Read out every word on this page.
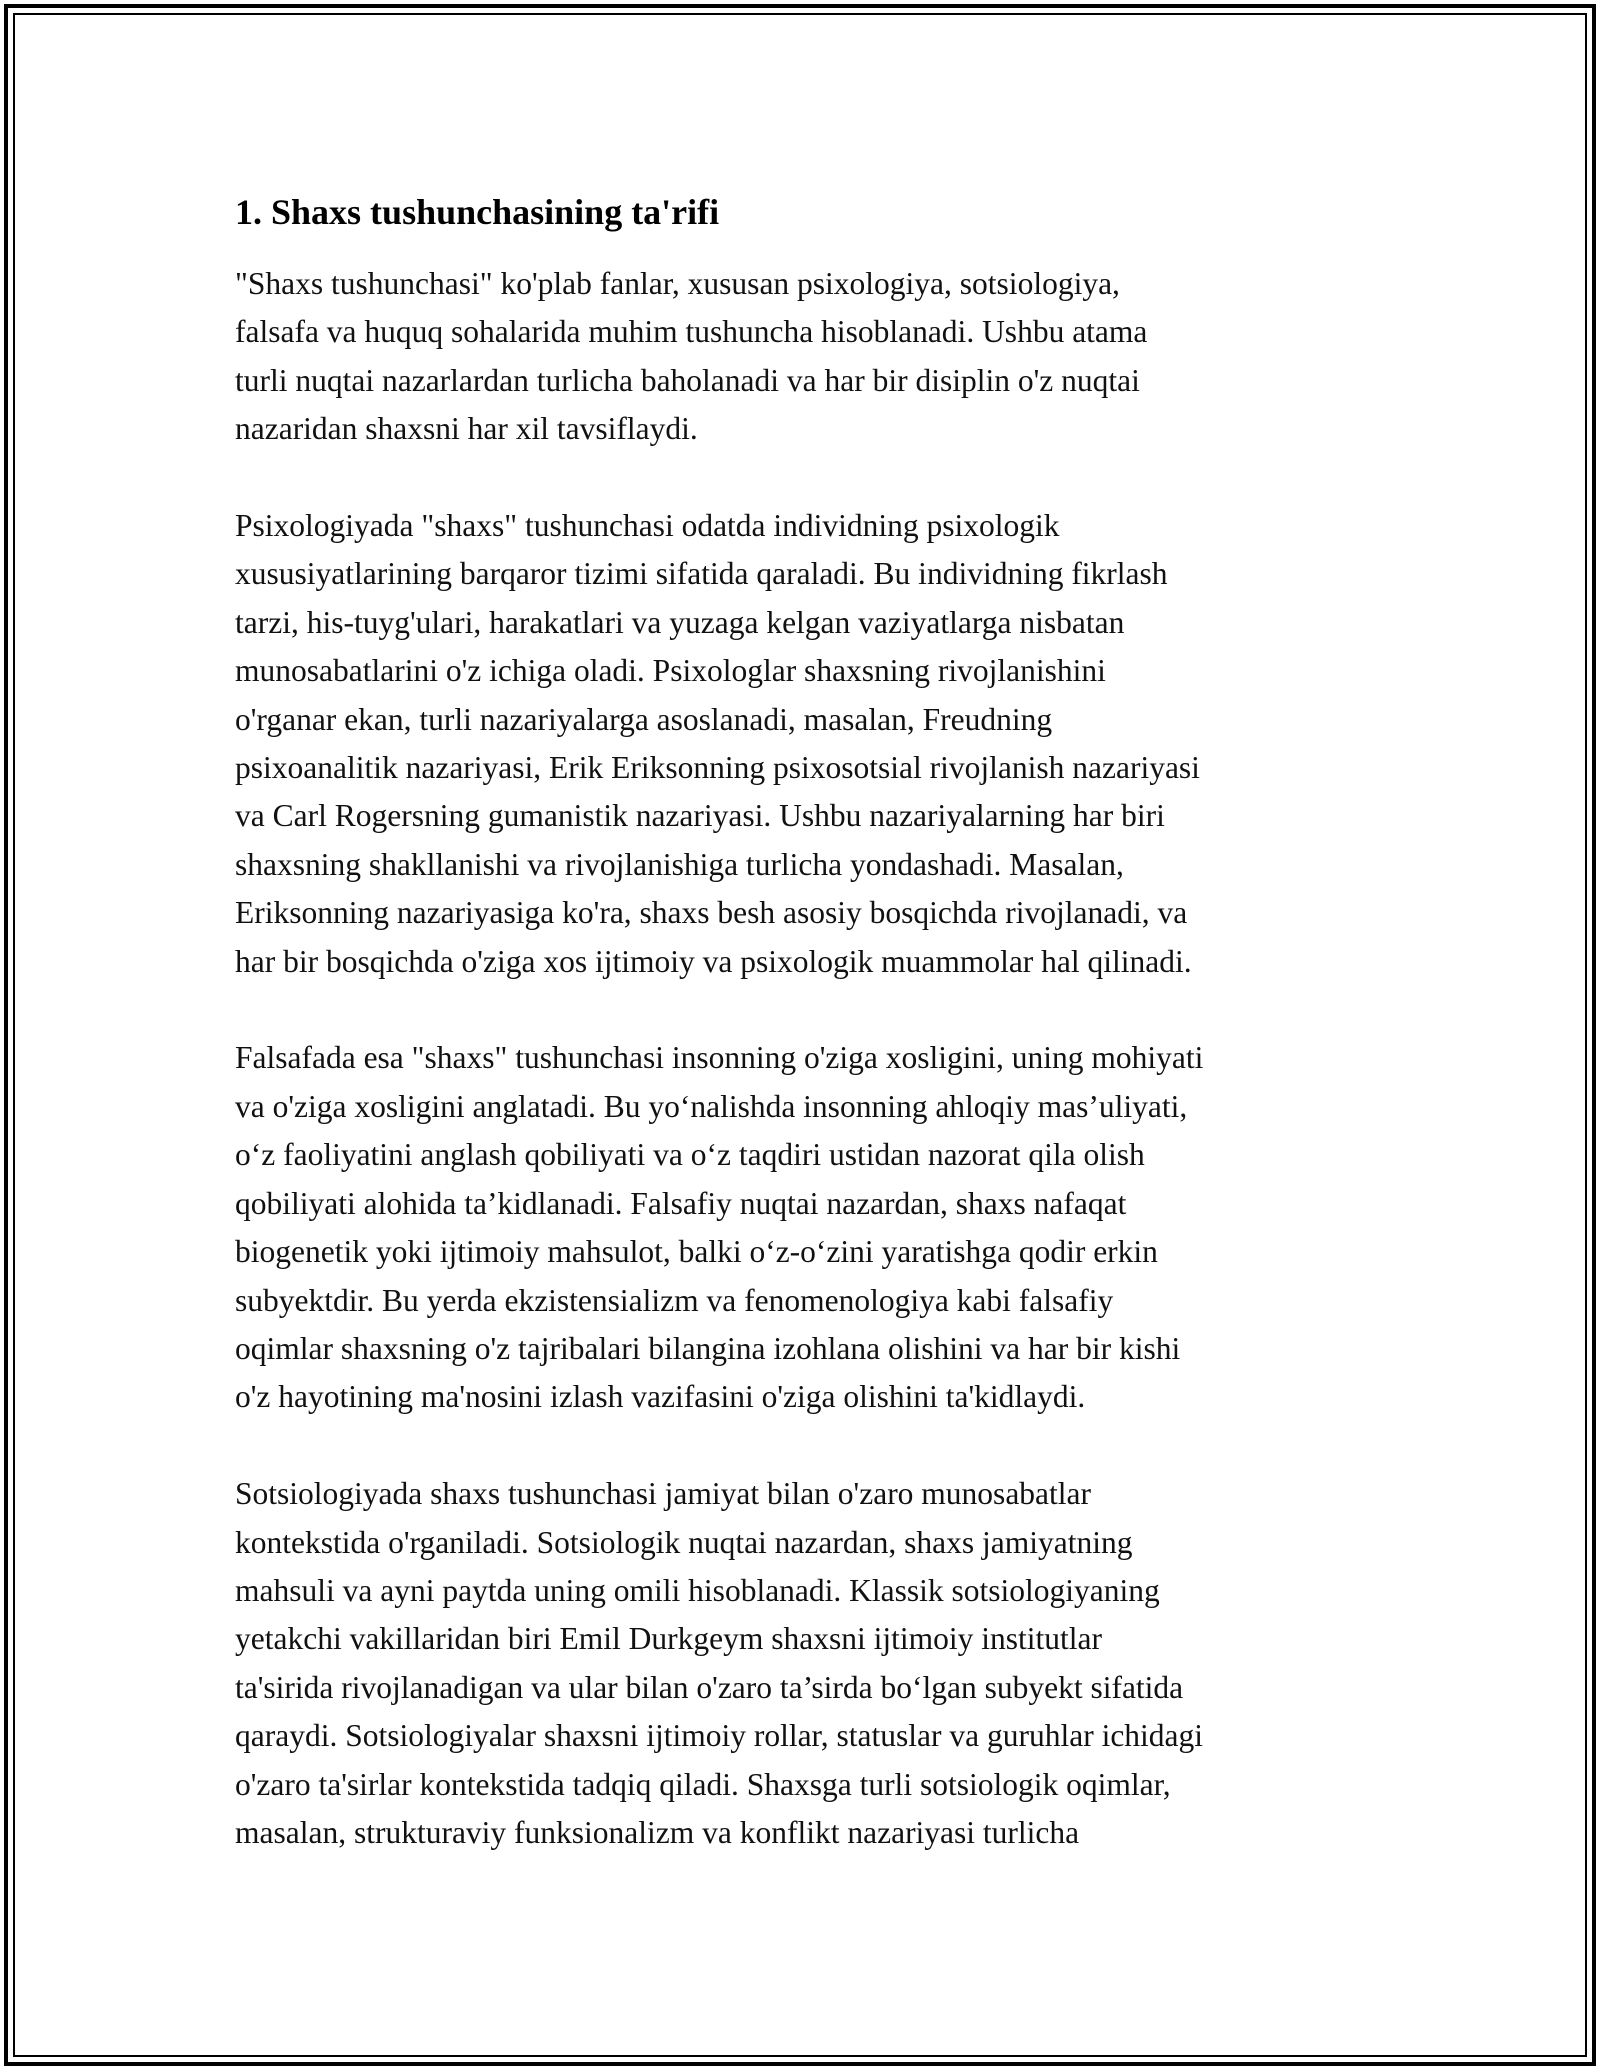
1. Shaxs tushunchasining ta'rifi

"Shaxs tushunchasi" ko'plab fanlar, xususan psixologiya, sotsiologiya,
falsafa va huquq sohalarida muhim tushuncha hisoblanadi. Ushbu atama
turli nuqtai nazarlardan turlicha baholanadi va har bir disiplin o'z nuqtai
nazaridan shaxsni har xil tavsiflaydi.

Psixologiyada "shaxs" tushunchasi odatda individning psixologik
xususiyatlarining barqaror tizimi sifatida qaraladi. Bu individning fikrlash
tarzi, his-tuyg'ulari, harakatlari va yuzaga kelgan vaziyatlarga nisbatan
munosabatlarini o'z ichiga oladi. Psixologlar shaxsning rivojlanishini
o'rganar ekan, turli nazariyalarga asoslanadi, masalan, Freudning
psixoanalitik nazariyasi, Erik Eriksonning psixosotsial rivojlanish nazariyasi
va Carl Rogersning gumanistik nazariyasi. Ushbu nazariyalarning har biri
shaxsning shakllanishi va rivojlanishiga turlicha yondashadi. Masalan,
Eriksonning nazariyasiga ko'ra, shaxs besh asosiy bosqichda rivojlanadi, va
har bir bosqichda o'ziga xos ijtimoiy va psixologik muammolar hal qilinadi.

Falsafada esa "shaxs" tushunchasi insonning o'ziga xosligini, uning mohiyati
va o'ziga xosligini anglatadi. Bu yo‘nalishda insonning ahloqiy mas’uliyati,
o‘z faoliyatini anglash qobiliyati va o‘z taqdiri ustidan nazorat qila olish
qobiliyati alohida ta’kidlanadi. Falsafiy nuqtai nazardan, shaxs nafaqat
biogenetik yoki ijtimoiy mahsulot, balki o‘z-o‘zini yaratishga qodir erkin
subyektdir. Bu yerda ekzistensializm va fenomenologiya kabi falsafiy
oqimlar shaxsning o'z tajribalari bilangina izohlana olishini va har bir kishi
o'z hayotining ma'nosini izlash vazifasini o'ziga olishini ta'kidlaydi.

Sotsiologiyada shaxs tushunchasi jamiyat bilan o'zaro munosabatlar
kontekstida o'rganiladi. Sotsiologik nuqtai nazardan, shaxs jamiyatning
mahsuli va ayni paytda uning omili hisoblanadi. Klassik sotsiologiyaning
yetakchi vakillaridan biri Emil Durkgeym shaxsni ijtimoiy institutlar
ta'sirida rivojlanadigan va ular bilan o'zaro ta’sirda bo‘lgan subyekt sifatida
qaraydi. Sotsiologiyalar shaxsni ijtimoiy rollar, statuslar va guruhlar ichidagi
o'zaro ta'sirlar kontekstida tadqiq qiladi. Shaxsga turli sotsiologik oqimlar,
masalan, strukturaviy funksionalizm va konflikt nazariyasi turlicha
